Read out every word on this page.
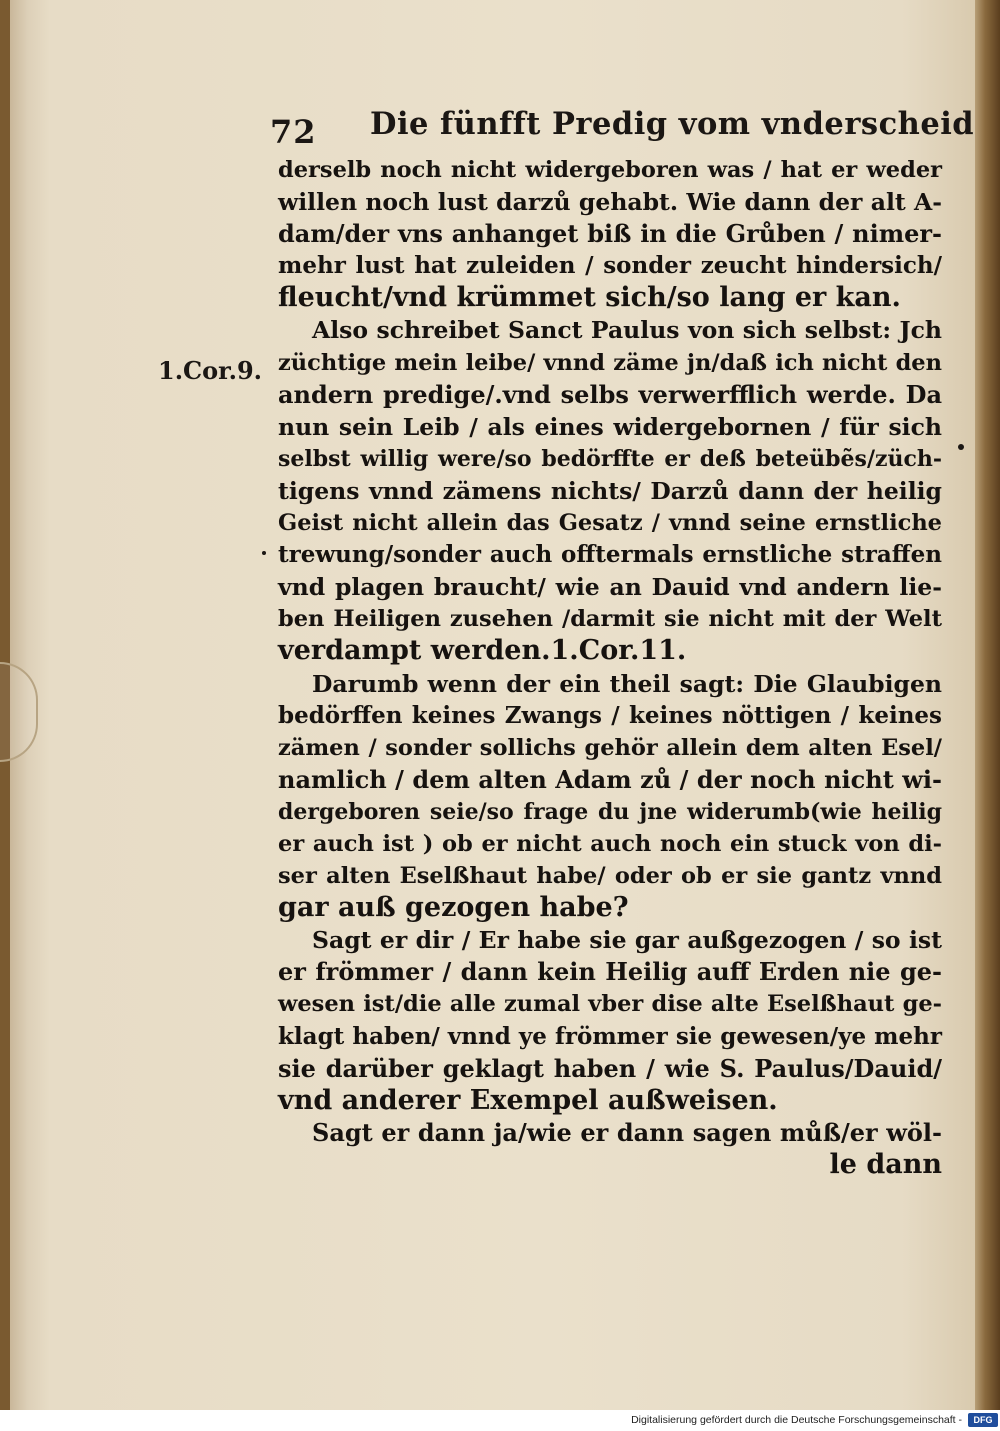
72 Die fünfft Predig vom vnderscheid
1.Cor.9.
derselb noch nicht widergeboren was / hat er weder
willen noch lust darzů gehabt. Wie dann der alt A-
dam/der vns anhanget biß in die Grůben / nimer-
mehr lust hat zuleiden / sonder zeucht hindersich/
fleucht/vnd krümmet sich/so lang er kan.
Also schreibet Sanct Paulus von sich selbst: Jch
züchtige mein leibe/ vnnd zäme jn/daß ich nicht den
andern predige/.vnd selbs verwerfflich werde. Da
nun sein Leib / als eines widergebornen / für sich
selbst willig were/so bedörffte er deß beteübẽs/züch-
tigens vnnd zämens nichts/ Darzů dann der heilig
Geist nicht allein das Gesatz / vnnd seine ernstliche
trewung/sonder auch offtermals ernstliche straffen
vnd plagen braucht/ wie an Dauid vnd andern lie-
ben Heiligen zusehen /darmit sie nicht mit der Welt
verdampt werden.1.Cor.11.
Darumb wenn der ein theil sagt: Die Glaubigen
bedörffen keines Zwangs / keines nöttigen / keines
zämen / sonder sollichs gehör allein dem alten Esel/
namlich / dem alten Adam zů / der noch nicht wi-
dergeboren seie/so frage du jne widerumb(wie heilig
er auch ist ) ob er nicht auch noch ein stuck von di-
ser alten Eselßhaut habe/ oder ob er sie gantz vnnd
gar auß gezogen habe?
Sagt er dir / Er habe sie gar außgezogen / so ist
er frömmer / dann kein Heilig auff Erden nie ge-
wesen ist/die alle zumal vber dise alte Eselßhaut ge-
klagt haben/ vnnd ye frömmer sie gewesen/ye mehr
sie darüber geklagt haben / wie S. Paulus/Dauid/
vnd anderer Exempel außweisen.
Sagt er dann ja/wie er dann sagen můß/er wöl-
le dann
Digitalisierung gefördert durch die Deutsche Forschungsgemeinschaft -	DFG
